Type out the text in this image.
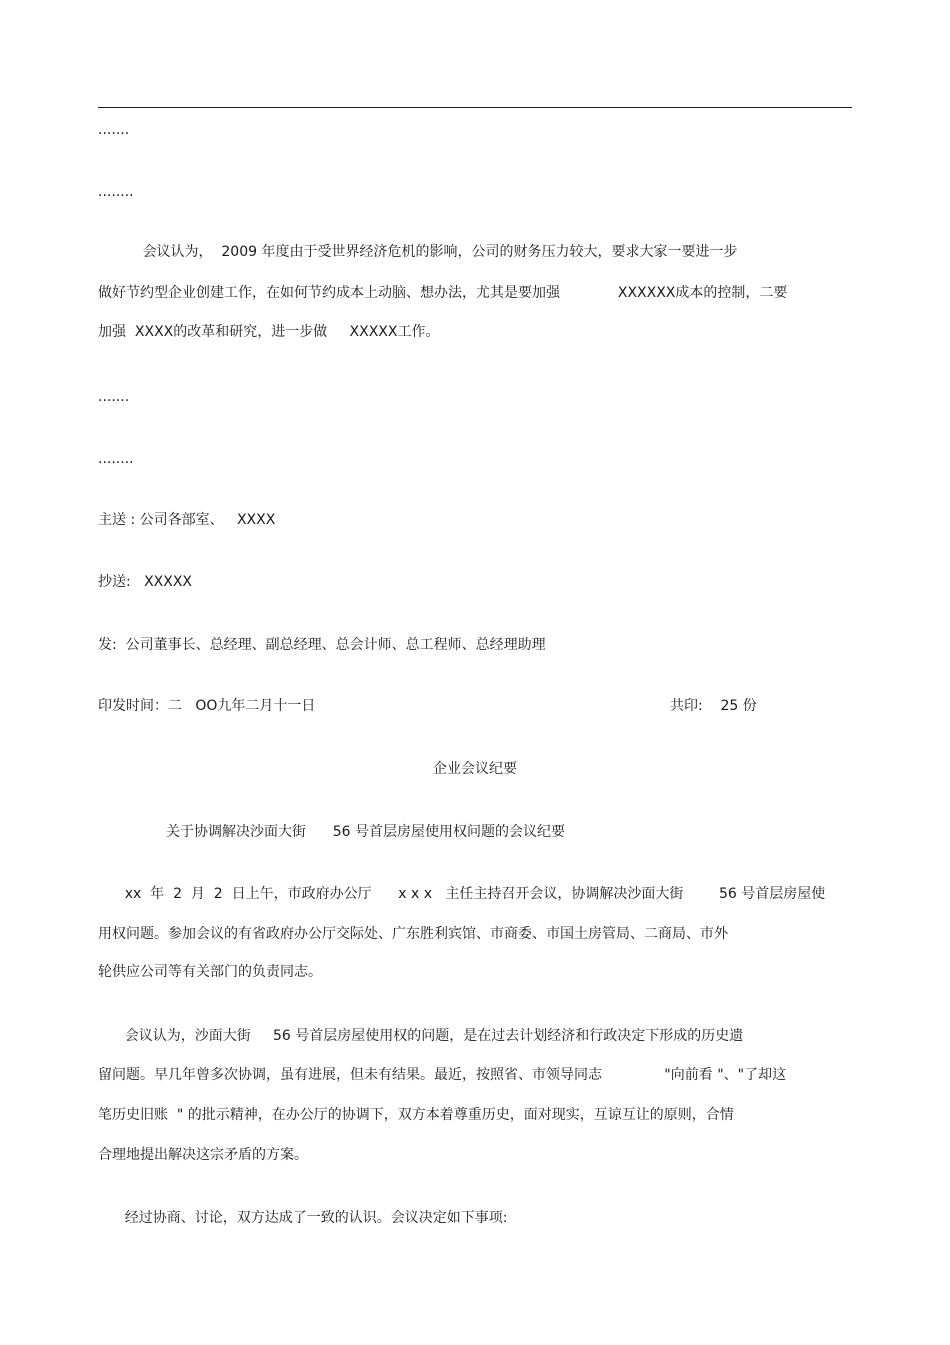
.......
........
会议认为，  2009 年度由于受世界经济危机的影响，公司的财务压力较大，要求大家一要进一步
做好节约型企业创建工作，在如何节约成本上动脑、想办法，尤其是要加强             XXXXXX成本的控制，二要
加强  XXXX的改革和研究，进一步做     XXXXX工作。
.......
........
主送 : 公司各部室、   XXXX
抄送:   XXXXX
发:  公司董事长、总经理、副总经理、总会计师、总工程师、总经理助理
印发时间：二   OO九年二月十一日	共印:    25 份
企业会议纪要
关于协调解决沙面大街      56 号首层房屋使用权问题的会议纪要
xx  年  2  月  2  日上午，市政府办公厅      x x x   主任主持召开会议，协调解决沙面大街        56 号首层房屋使
用权问题。参加会议的有省政府办公厅交际处、广东胜利宾馆、市商委、市国土房管局、二商局、市外
轮供应公司等有关部门的负责同志。
会议认为，沙面大街     56 号首层房屋使用权的问题，是在过去计划经济和行政决定下形成的历史遗
留问题。早几年曾多次协调，虽有进展，但未有结果。最近，按照省、市领导同志              "向前看 "、"了却这
笔历史旧账  " 的批示精神，在办公厅的协调下，双方本着尊重历史，面对现实，互谅互让的原则，合情
合理地提出解决这宗矛盾的方案。
经过协商、讨论，双方达成了一致的认识。会议决定如下事项:
